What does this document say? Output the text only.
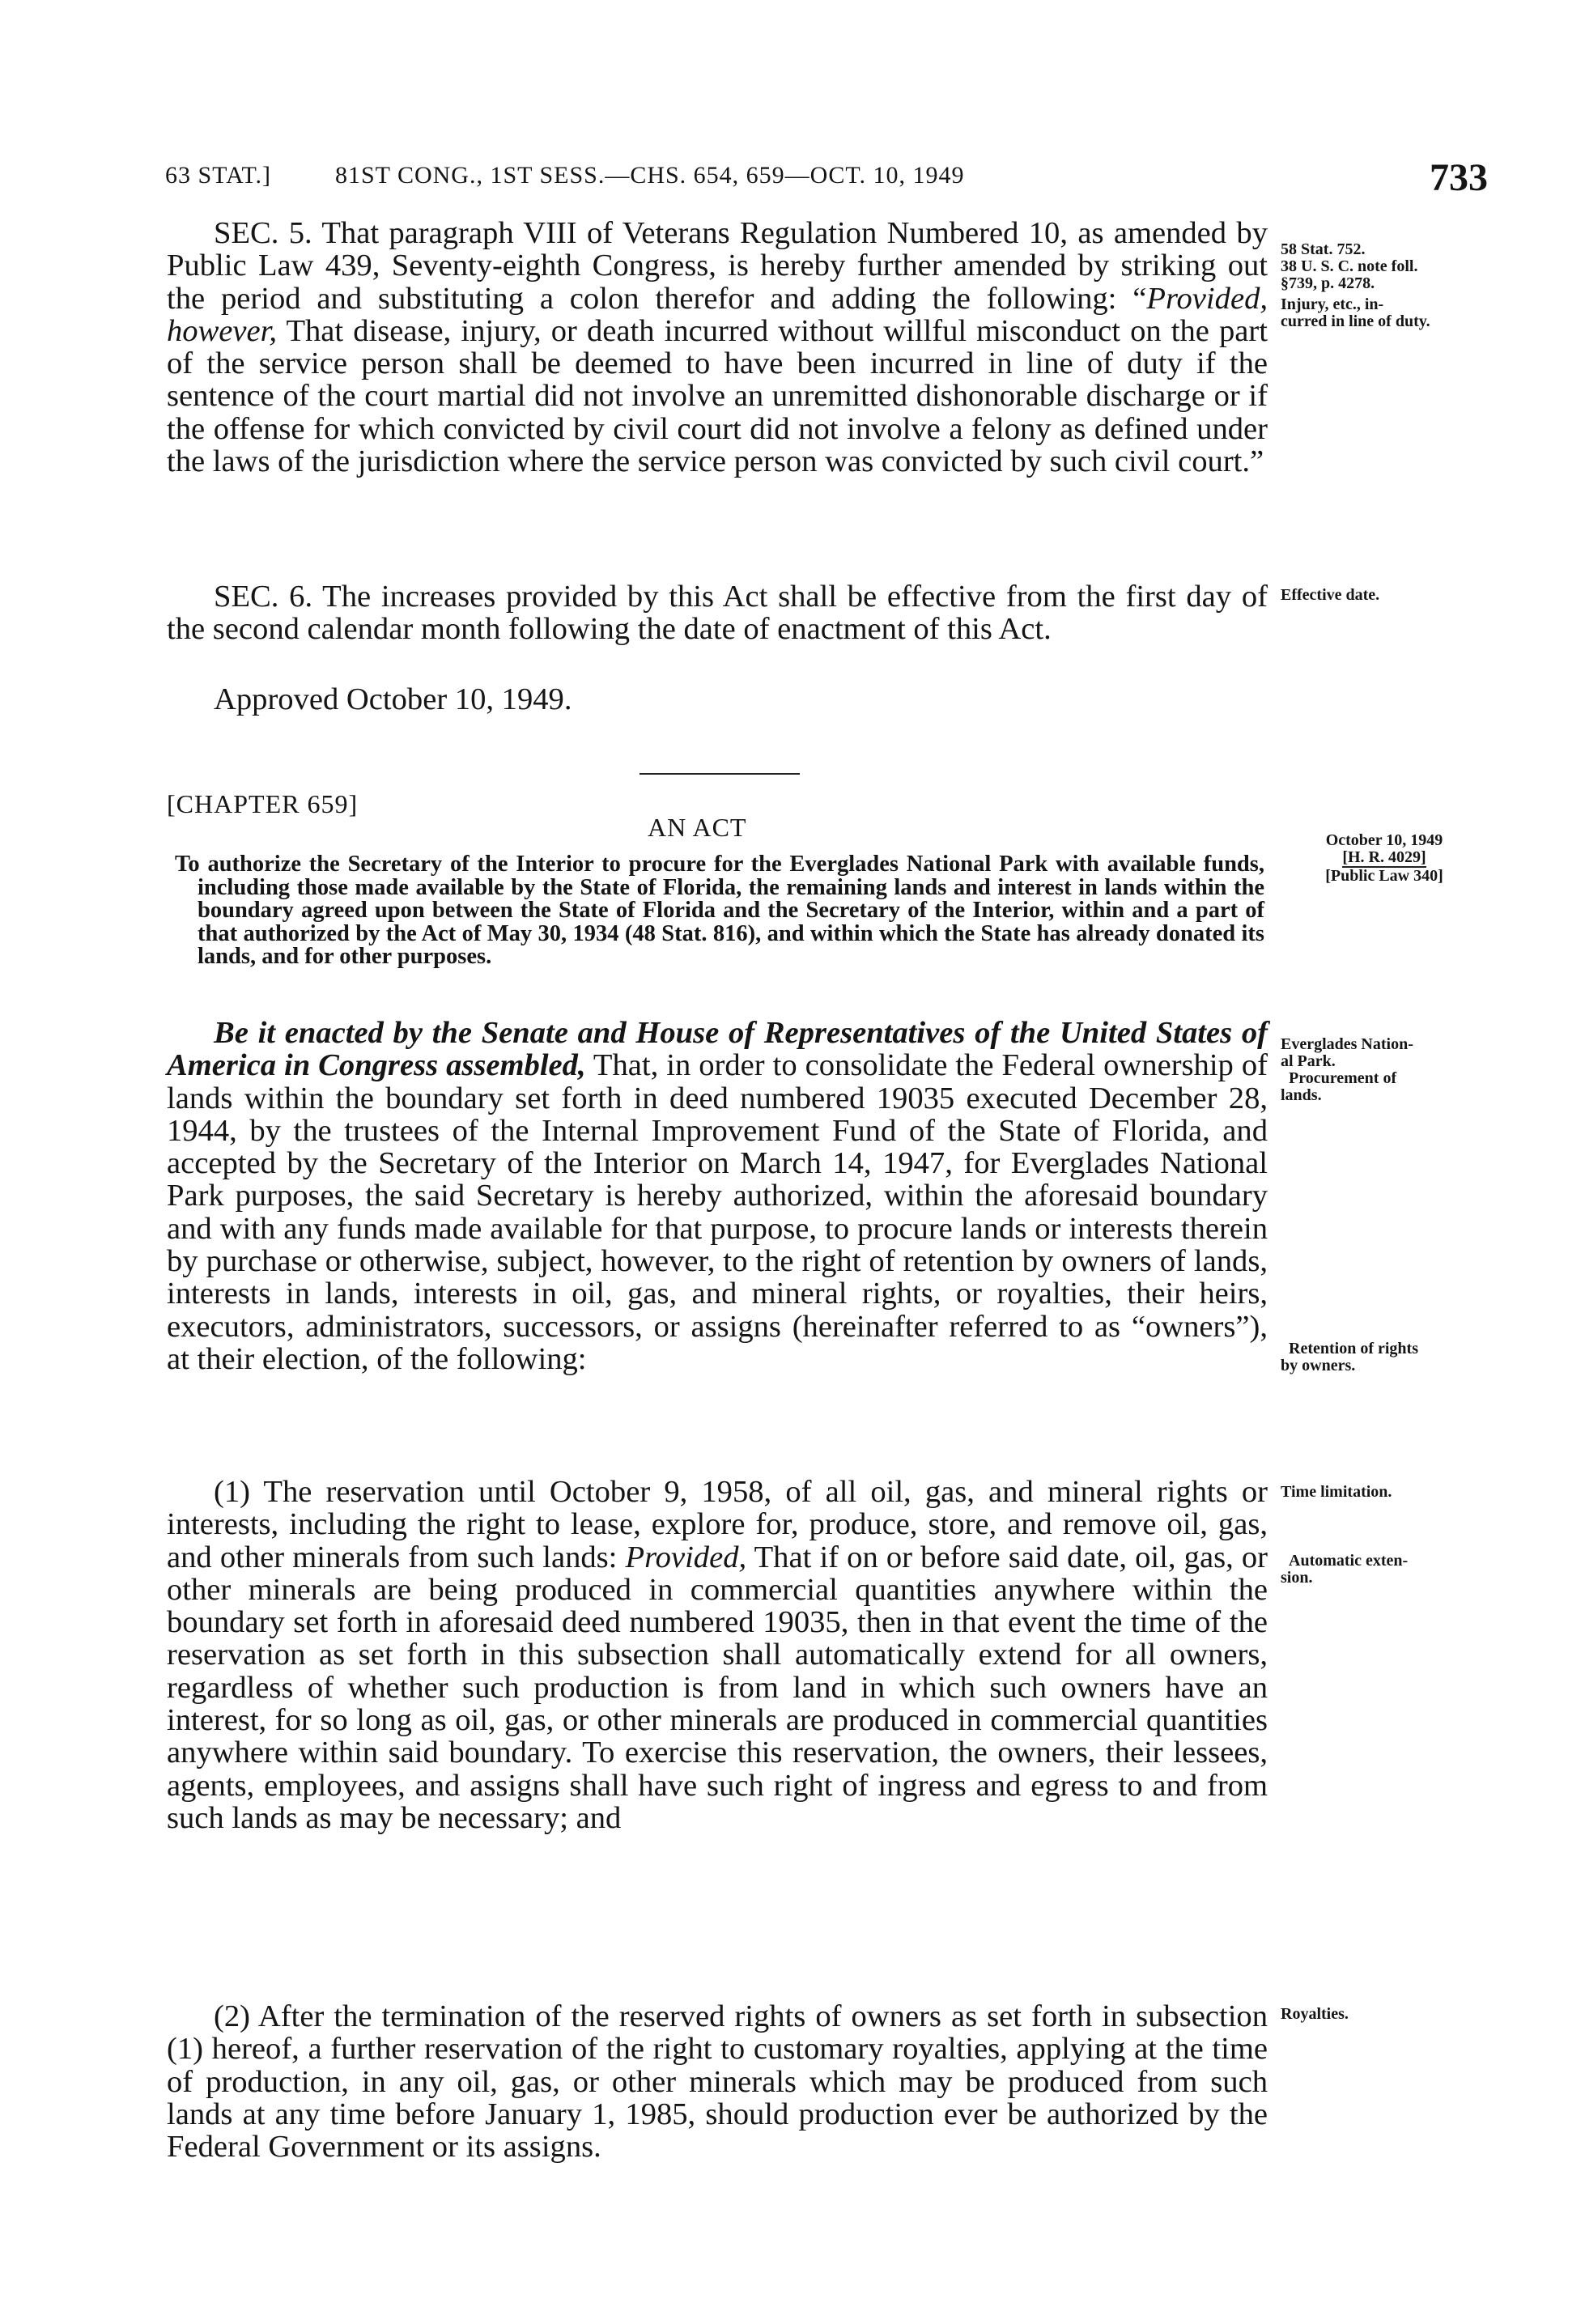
63 STAT.]	81ST CONG., 1ST SESS.—CHS. 654, 659—OCT. 10, 1949	733

SEC. 5. That paragraph VIII of Veterans Regulation Numbered 10, as amended by Public Law 439, Seventy-eighth Congress, is hereby further amended by striking out the period and substituting a colon therefor and adding the following: “Provided, however, That disease, injury, or death incurred without willful misconduct on the part of the service person shall be deemed to have been incurred in line of duty if the sentence of the court martial did not involve an unremitted dishonorable discharge or if the offense for which convicted by civil court did not involve a felony as defined under the laws of the jurisdiction where the service person was convicted by such civil court.”

SEC. 6. The increases provided by this Act shall be effective from the first day of the second calendar month following the date of enactment of this Act.

Approved October 10, 1949.

[CHAPTER 659]
AN ACT

To authorize the Secretary of the Interior to procure for the Everglades National Park with available funds, including those made available by the State of Florida, the remaining lands and interest in lands within the boundary agreed upon between the State of Florida and the Secretary of the Interior, within and a part of that authorized by the Act of May 30, 1934 (48 Stat. 816), and within which the State has already donated its lands, and for other purposes.

Be it enacted by the Senate and House of Representatives of the United States of America in Congress assembled, That, in order to consolidate the Federal ownership of lands within the boundary set forth in deed numbered 19035 executed December 28, 1944, by the trustees of the Internal Improvement Fund of the State of Florida, and accepted by the Secretary of the Interior on March 14, 1947, for Everglades National Park purposes, the said Secretary is hereby authorized, within the aforesaid boundary and with any funds made available for that purpose, to procure lands or interests therein by purchase or otherwise, subject, however, to the right of retention by owners of lands, interests in lands, interests in oil, gas, and mineral rights, or royalties, their heirs, executors, administrators, successors, or assigns (hereinafter referred to as “owners”), at their election, of the following:

(1) The reservation until October 9, 1958, of all oil, gas, and mineral rights or interests, including the right to lease, explore for, produce, store, and remove oil, gas, and other minerals from such lands: Provided, That if on or before said date, oil, gas, or other minerals are being produced in commercial quantities anywhere within the boundary set forth in aforesaid deed numbered 19035, then in that event the time of the reservation as set forth in this subsection shall automatically extend for all owners, regardless of whether such production is from land in which such owners have an interest, for so long as oil, gas, or other minerals are produced in commercial quantities anywhere within said boundary. To exercise this reservation, the owners, their lessees, agents, employees, and assigns shall have such right of ingress and egress to and from such lands as may be necessary; and

(2) After the termination of the reserved rights of owners as set forth in subsection (1) hereof, a further reservation of the right to customary royalties, applying at the time of production, in any oil, gas, or other minerals which may be produced from such lands at any time before January 1, 1985, should production ever be authorized by the Federal Government or its assigns.

58 Stat. 752.
38 U. S. C. note foll.
§739, p. 4278.
Injury, etc., in-
curred in line of duty.
Effective date.
October 10, 1949
[H. R. 4029]
[Public Law 340]
Everglades Nation-
al Park.
Procurement of
lands.
Retention of rights
by owners.
Time limitation.
Automatic exten-
sion.
Royalties.
